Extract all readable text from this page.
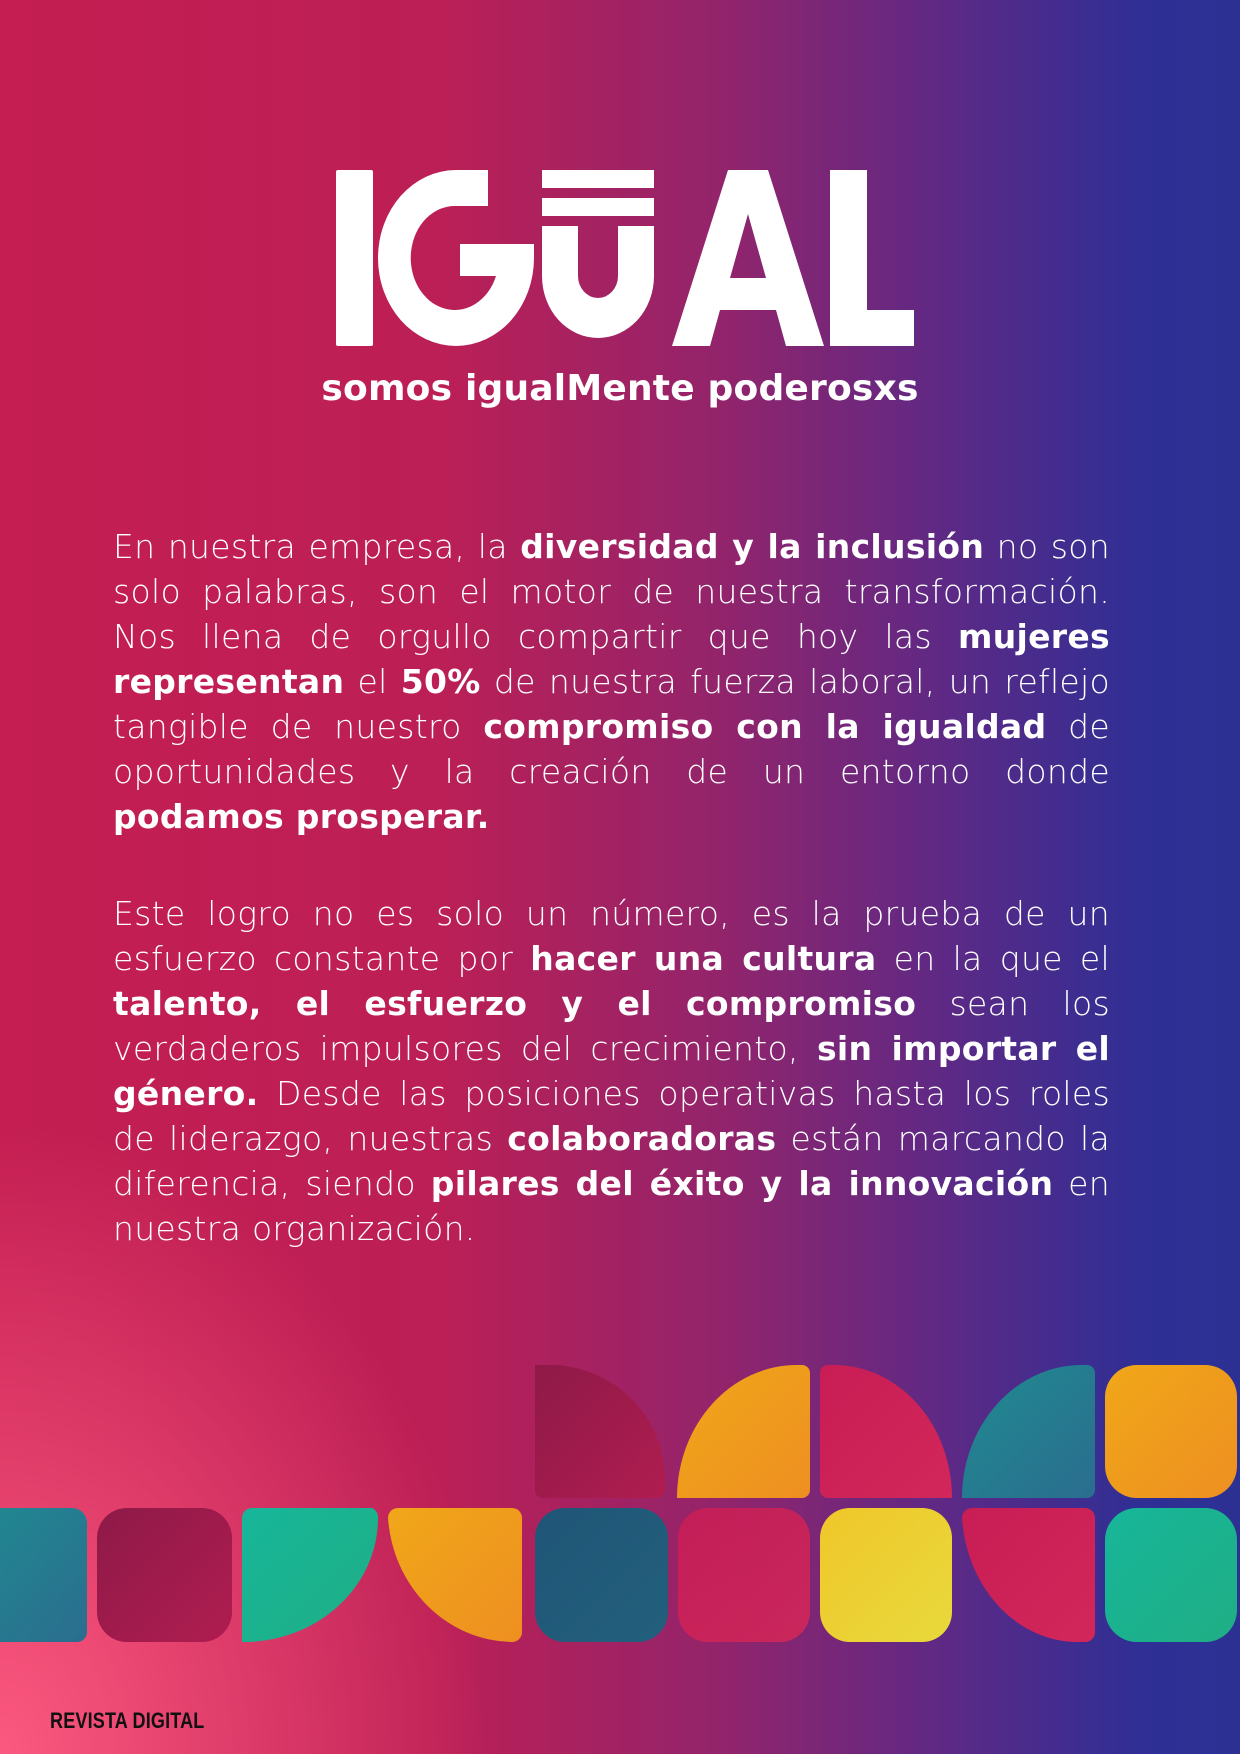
somos igualMente poderosxs

En nuestra empresa, la diversidad y la inclusión no son solo palabras, son el motor de nuestra transformación. Nos llena de orgullo compartir que hoy las mujeres representan el 50% de nuestra fuerza laboral, un reflejo tangible de nuestro compromiso con la igualdad de oportunidades y la creación de un entorno donde podamos prosperar.

Este logro no es solo un número, es la prueba de un esfuerzo constante por hacer una cultura en la que el talento, el esfuerzo y el compromiso sean los verdaderos impulsores del crecimiento, sin importar el género. Desde las posiciones operativas hasta los roles de liderazgo, nuestras colaboradoras están marcando la diferencia, siendo pilares del éxito y la innovación en nuestra organización.

REVISTA DIGITAL
